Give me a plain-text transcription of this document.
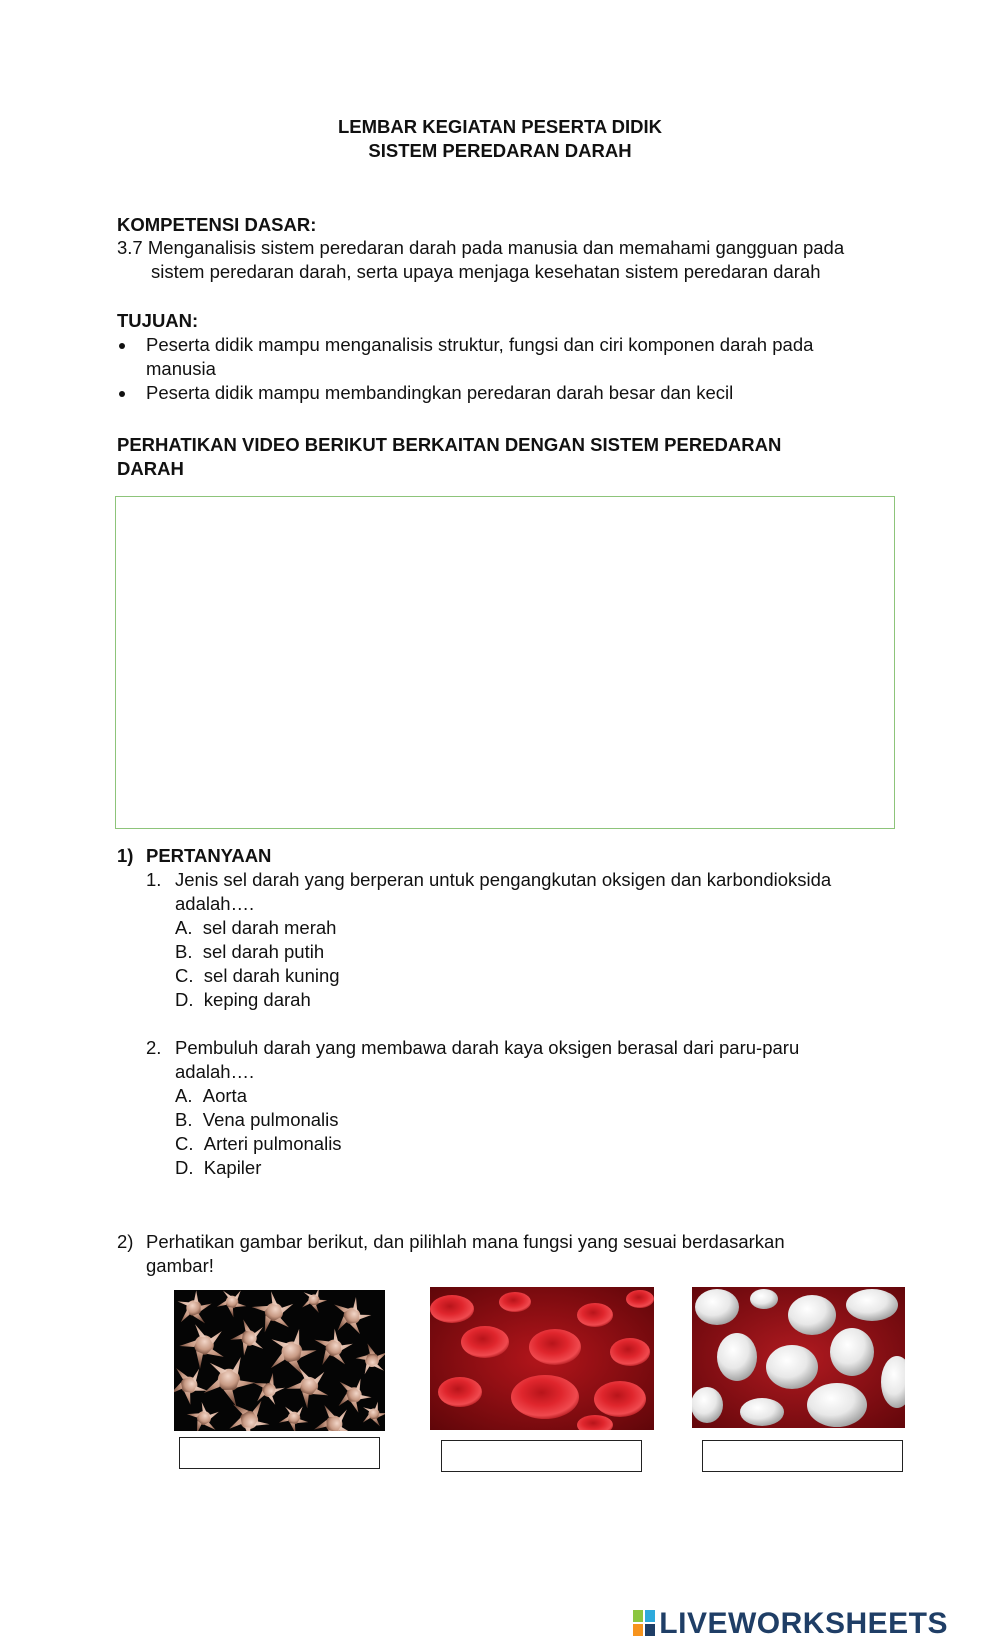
LEMBAR KEGIATAN PESERTA DIDIK
SISTEM PEREDARAN DARAH
KOMPETENSI DASAR:
3.7 Menganalisis sistem peredaran darah pada manusia dan memahami gangguan pada
sistem peredaran darah, serta upaya menjaga kesehatan sistem peredaran darah
TUJUAN:
Peserta didik mampu menganalisis struktur, fungsi dan ciri komponen darah pada
manusia
Peserta didik mampu membandingkan peredaran darah besar dan kecil
PERHATIKAN VIDEO BERIKUT BERKAITAN DENGAN SISTEM PEREDARAN
DARAH
1) PERTANYAAN
1. Jenis sel darah yang berperan untuk pengangkutan oksigen dan karbondioksida
adalah….
A. sel darah merah
B. sel darah putih
C. sel darah kuning
D. keping darah
2. Pembuluh darah yang membawa darah kaya oksigen berasal dari paru-paru
adalah….
A. Aorta
B. Vena pulmonalis
C. Arteri pulmonalis
D. Kapiler
2) Perhatikan gambar berikut, dan pilihlah mana fungsi yang sesuai berdasarkan
gambar!
LIVEWORKSHEETS
